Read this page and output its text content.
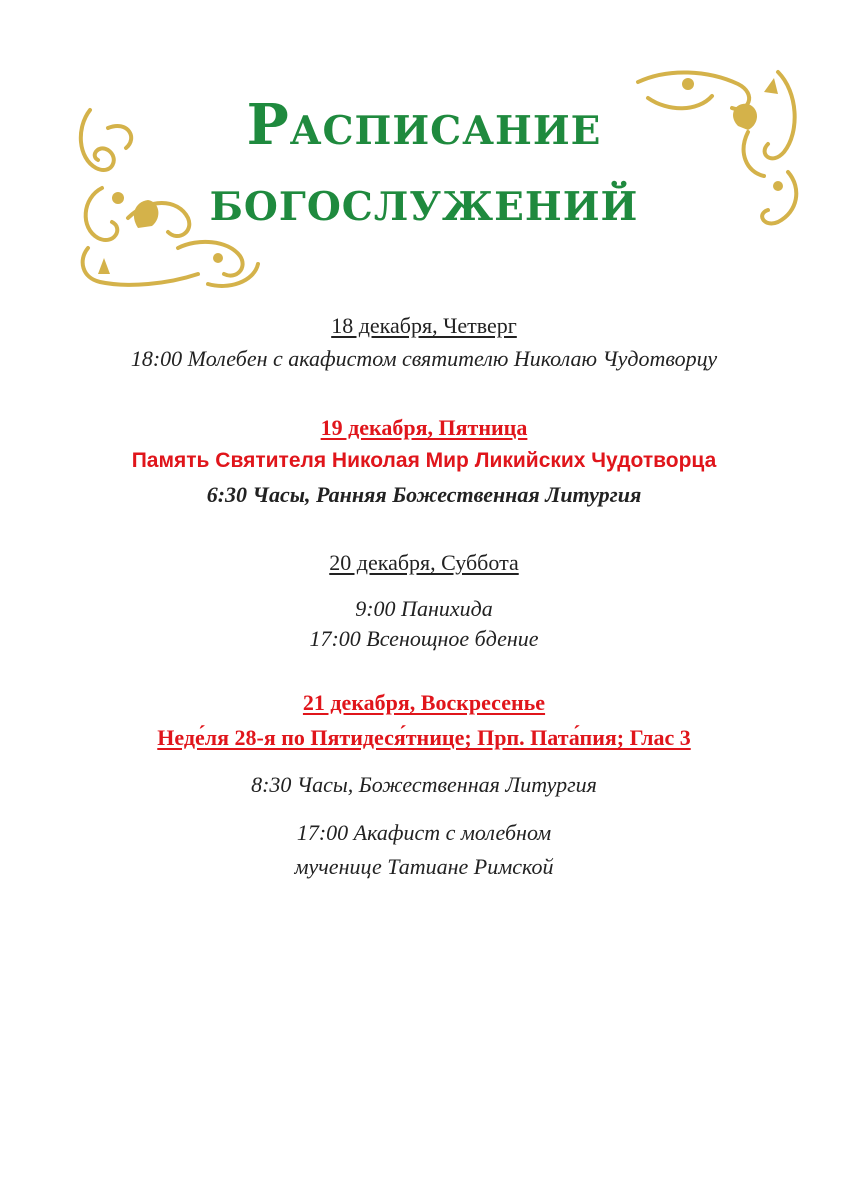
Расписание
богослужений
18 декабря, Четверг
18:00 Молебен с акафистом святителю Николаю Чудотворцу
19 декабря, Пятница
Память Святителя Николая Мир Ликийских Чудотворца
6:30 Часы, Ранняя Божественная Литургия
20 декабря, Суббота
9:00 Панихида
17:00 Всенощное бдение
21 декабря, Воскресенье
Неде́ля 28-я по Пятидеся́тнице; Прп. Пата́пия; Глас 3
8:30 Часы, Божественная Литургия
17:00 Акафист с молебном
мученице Татиане Римской
